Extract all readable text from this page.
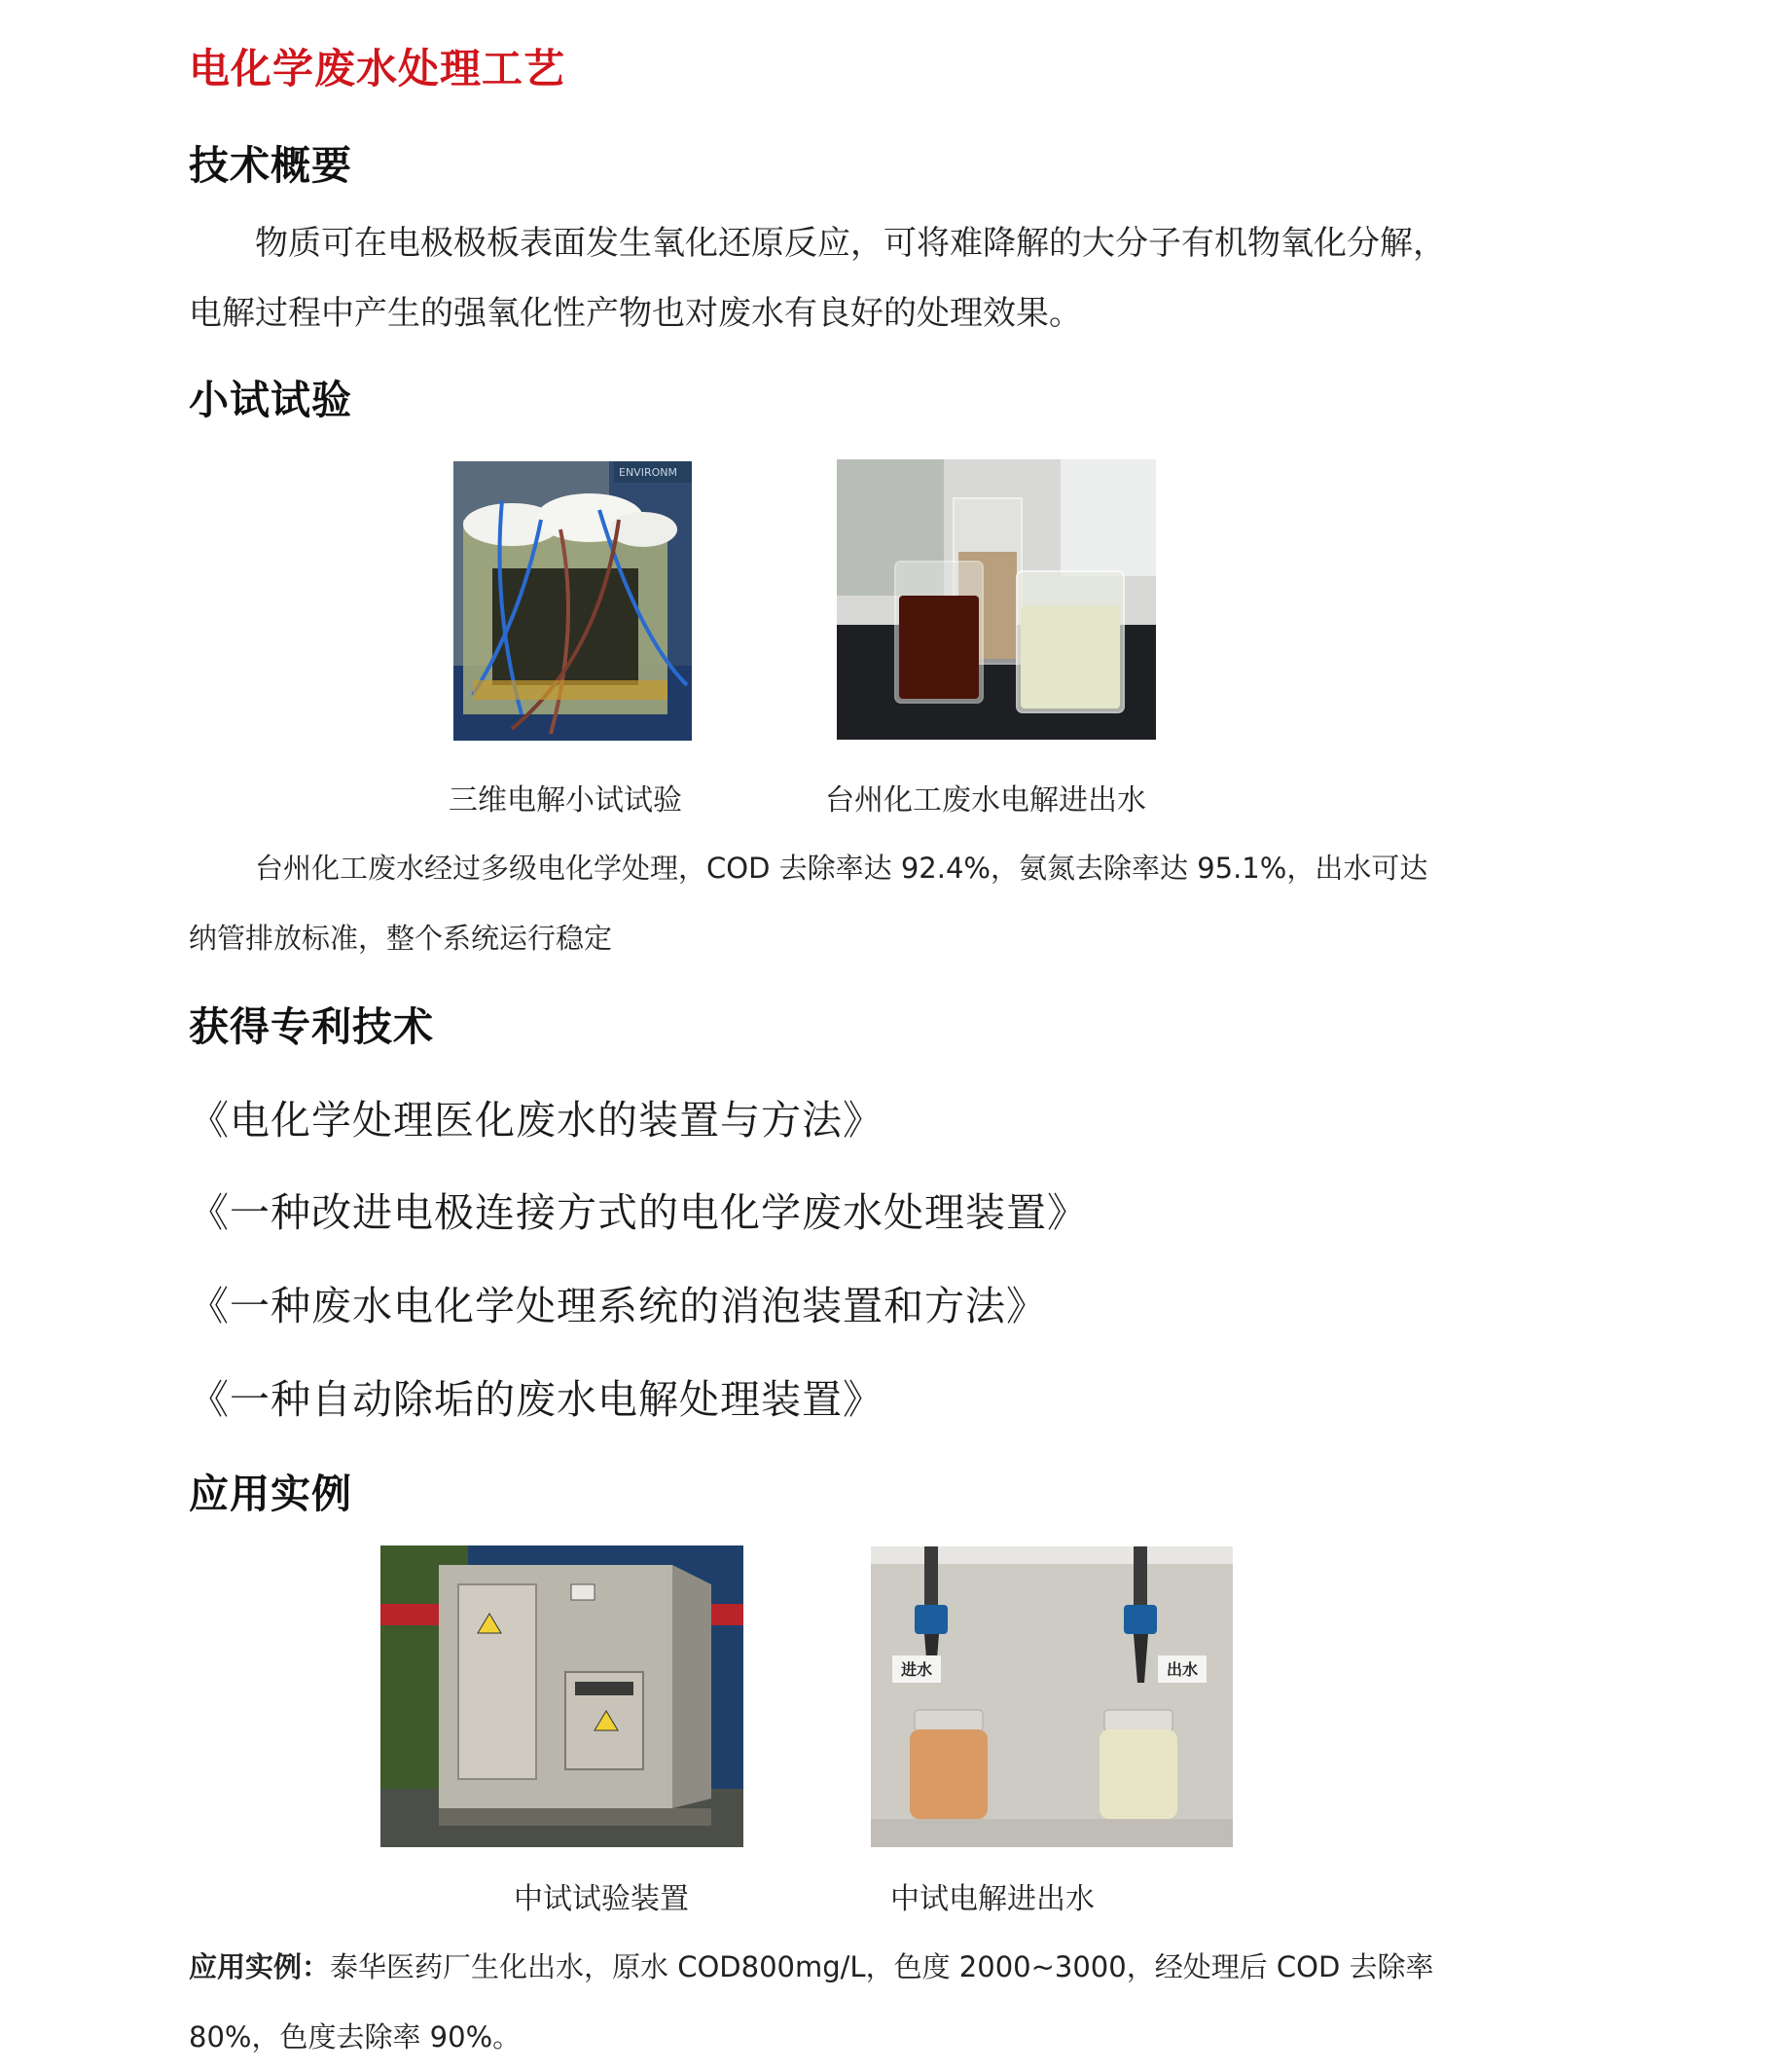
电化学废水处理工艺
技术概要

物质可在电极极板表面发生氧化还原反应，可将难降解的大分子有机物氧化分解，电解过程中产生的强氧化性产物也对废水有良好的处理效果。

小试试验
ENVIRONM

三维电解小试试验	台州化工废水电解进出水

台州化工废水经过多级电化学处理，COD 去除率达 92.4%，氨氮去除率达 95.1%，出水可达纳管排放标准，整个系统运行稳定

获得专利技术

《电化学处理医化废水的装置与方法》

《一种改进电极连接方式的电化学废水处理装置》

《一种废水电化学处理系统的消泡装置和方法》

《一种自动除垢的废水电解处理装置》

应用实例
进水	出水

中试试验装置	中试电解进出水

应用实例：泰华医药厂生化出水，原水 COD800mg/L，色度 2000~3000，经处理后 COD 去除率 80%，色度去除率 90%。
